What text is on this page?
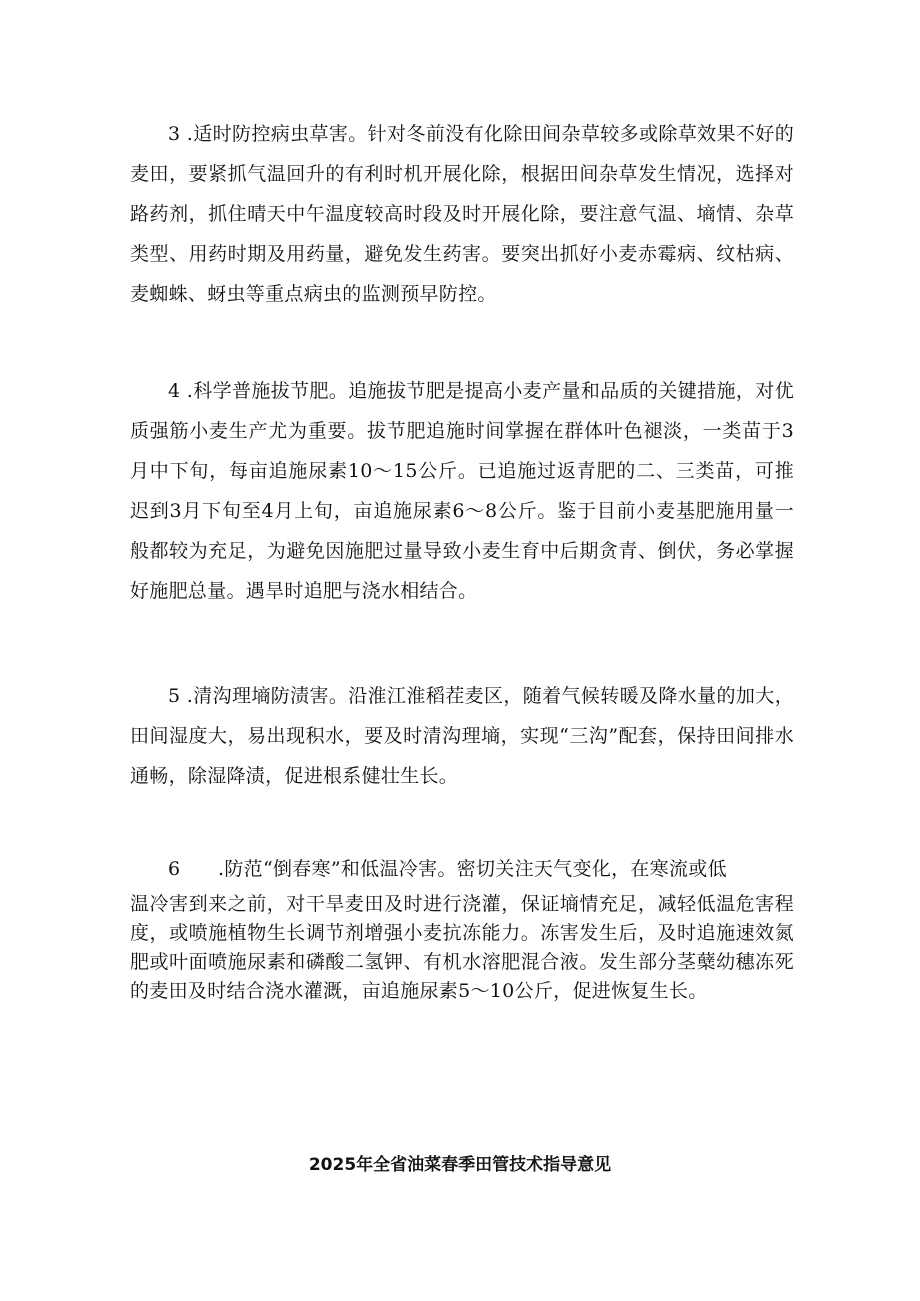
3 .适时防控病虫草害。针对冬前没有化除田间杂草较多或除草效果不好的麦田，要紧抓气温回升的有利时机开展化除，根据田间杂草发生情况，选择对路药剂，抓住晴天中午温度较高时段及时开展化除，要注意气温、墒情、杂草类型、用药时期及用药量，避免发生药害。要突出抓好小麦赤霉病、纹枯病、麦蜘蛛、蚜虫等重点病虫的监测预早防控。

4 .科学普施拔节肥。追施拔节肥是提高小麦产量和品质的关键措施，对优质强筋小麦生产尤为重要。拔节肥追施时间掌握在群体叶色褪淡，一类苗于3月中下旬，每亩追施尿素10～15公斤。已追施过返青肥的二、三类苗，可推迟到3月下旬至4月上旬，亩追施尿素6～8公斤。鉴于目前小麦基肥施用量一般都较为充足，为避免因施肥过量导致小麦生育中后期贪青、倒伏，务必掌握好施肥总量。遇旱时追肥与浇水相结合。

5 .清沟理墒防渍害。沿淮江淮稻茬麦区，随着气候转暖及降水量的加大，田间湿度大，易出现积水，要及时清沟理墒，实现“三沟”配套，保持田间排水通畅，除湿降渍，促进根系健壮生长。

6 .防范“倒春寒”和低温冷害。密切关注天气变化，在寒流或低

温冷害到来之前，对干旱麦田及时进行浇灌，保证墒情充足，减轻低温危害程度，或喷施植物生长调节剂增强小麦抗冻能力。冻害发生后，及时追施速效氮肥或叶面喷施尿素和磷酸二氢钾、有机水溶肥混合液。发生部分茎蘖幼穗冻死的麦田及时结合浇水灌溉，亩追施尿素5～10公斤，促进恢复生长。

2025年全省油菜春季田管技术指导意见
